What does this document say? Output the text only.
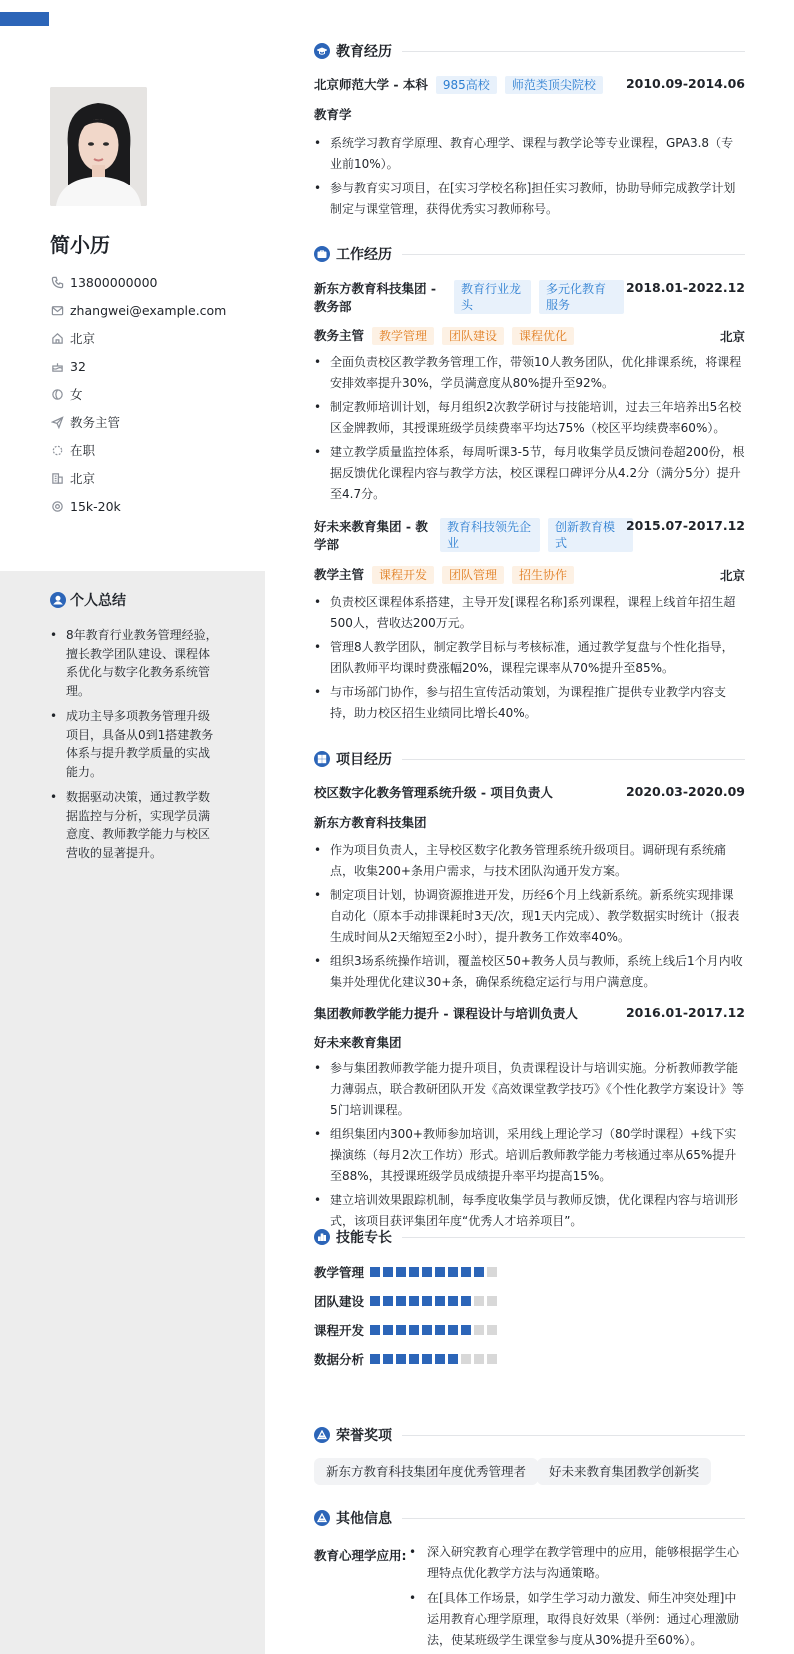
简小历
13800000000
zhangwei@example.com
北京
32
女
教务主管
在职
北京
15k-20k
个人总结
• 8年教育行业教务管理经验，擅长教学团队建设、课程体系优化与数字化教务系统管理。
• 成功主导多项教务管理升级项目，具备从0到1搭建教务体系与提升教学质量的实战能力。
• 数据驱动决策，通过教学数据监控与分析，实现学员满意度、教师教学能力与校区营收的显著提升。
教育经历
北京师范大学 - 本科	985高校	师范类顶尖院校	2010.09-2014.06
教育学
• 系统学习教育学原理、教育心理学、课程与教学论等专业课程，GPA3.8（专业前10%）。
• 参与教育实习项目，在[实习学校名称]担任实习教师，协助导师完成教学计划制定与课堂管理，获得优秀实习教师称号。
工作经历
新东方教育科技集团 - 教务部
教育行业龙头
多元化教育服务
2018.01-2022.12
教务主管	教学管理	团队建设	课程优化	北京
• 全面负责校区教学教务管理工作，带领10人教务团队，优化排课系统，将课程安排效率提升30%，学员满意度从80%提升至92%。
• 制定教师培训计划，每月组织2次教学研讨与技能培训，过去三年培养出5名校区金牌教师，其授课班级学员续费率平均达75%（校区平均续费率60%）。
• 建立教学质量监控体系，每周听课3-5节，每月收集学员反馈问卷超200份，根据反馈优化课程内容与教学方法，校区课程口碑评分从4.2分（满分5分）提升至4.7分。
好未来教育集团 - 教学部
教育科技领先企业
创新教育模式
2015.07-2017.12
教学主管	课程开发	团队管理	招生协作	北京
• 负责校区课程体系搭建，主导开发[课程名称]系列课程，课程上线首年招生超500人，营收达200万元。
• 管理8人教学团队，制定教学目标与考核标准，通过教学复盘与个性化指导，团队教师平均课时费涨幅20%，课程完课率从70%提升至85%。
• 与市场部门协作，参与招生宣传活动策划，为课程推广提供专业教学内容支持，助力校区招生业绩同比增长40%。
项目经历
校区数字化教务管理系统升级 - 项目负责人	2020.03-2020.09
新东方教育科技集团
• 作为项目负责人，主导校区数字化教务管理系统升级项目。调研现有系统痛点，收集200+条用户需求，与技术团队沟通开发方案。
• 制定项目计划，协调资源推进开发，历经6个月上线新系统。新系统实现排课自动化（原本手动排课耗时3天/次，现1天内完成）、教学数据实时统计（报表生成时间从2天缩短至2小时），提升教务工作效率40%。
• 组织3场系统操作培训，覆盖校区50+教务人员与教师，系统上线后1个月内收集并处理优化建议30+条，确保系统稳定运行与用户满意度。
集团教师教学能力提升 - 课程设计与培训负责人	2016.01-2017.12
好未来教育集团
• 参与集团教师教学能力提升项目，负责课程设计与培训实施。分析教师教学能力薄弱点，联合教研团队开发《高效课堂教学技巧》《个性化教学方案设计》等5门培训课程。
• 组织集团内300+教师参加培训，采用线上理论学习（80学时课程）+线下实操演练（每月2次工作坊）形式。培训后教师教学能力考核通过率从65%提升至88%，其授课班级学员成绩提升率平均提高15%。
• 建立培训效果跟踪机制，每季度收集学员与教师反馈，优化课程内容与培训形式，该项目获评集团年度“优秀人才培养项目”。
技能专长
教学管理
团队建设
课程开发
数据分析
荣誉奖项
新东方教育科技集团年度优秀管理者	好未来教育集团教学创新奖
其他信息
教育心理学应用:
•	深入研究教育心理学在教学管理中的应用，能够根据学生心理特点优化教学方法与沟通策略。
• 在[具体工作场景，如学生学习动力激发、师生冲突处理]中运用教育心理学原理，取得良好效果（举例：通过心理激励法，使某班级学生课堂参与度从30%提升至60%）。
